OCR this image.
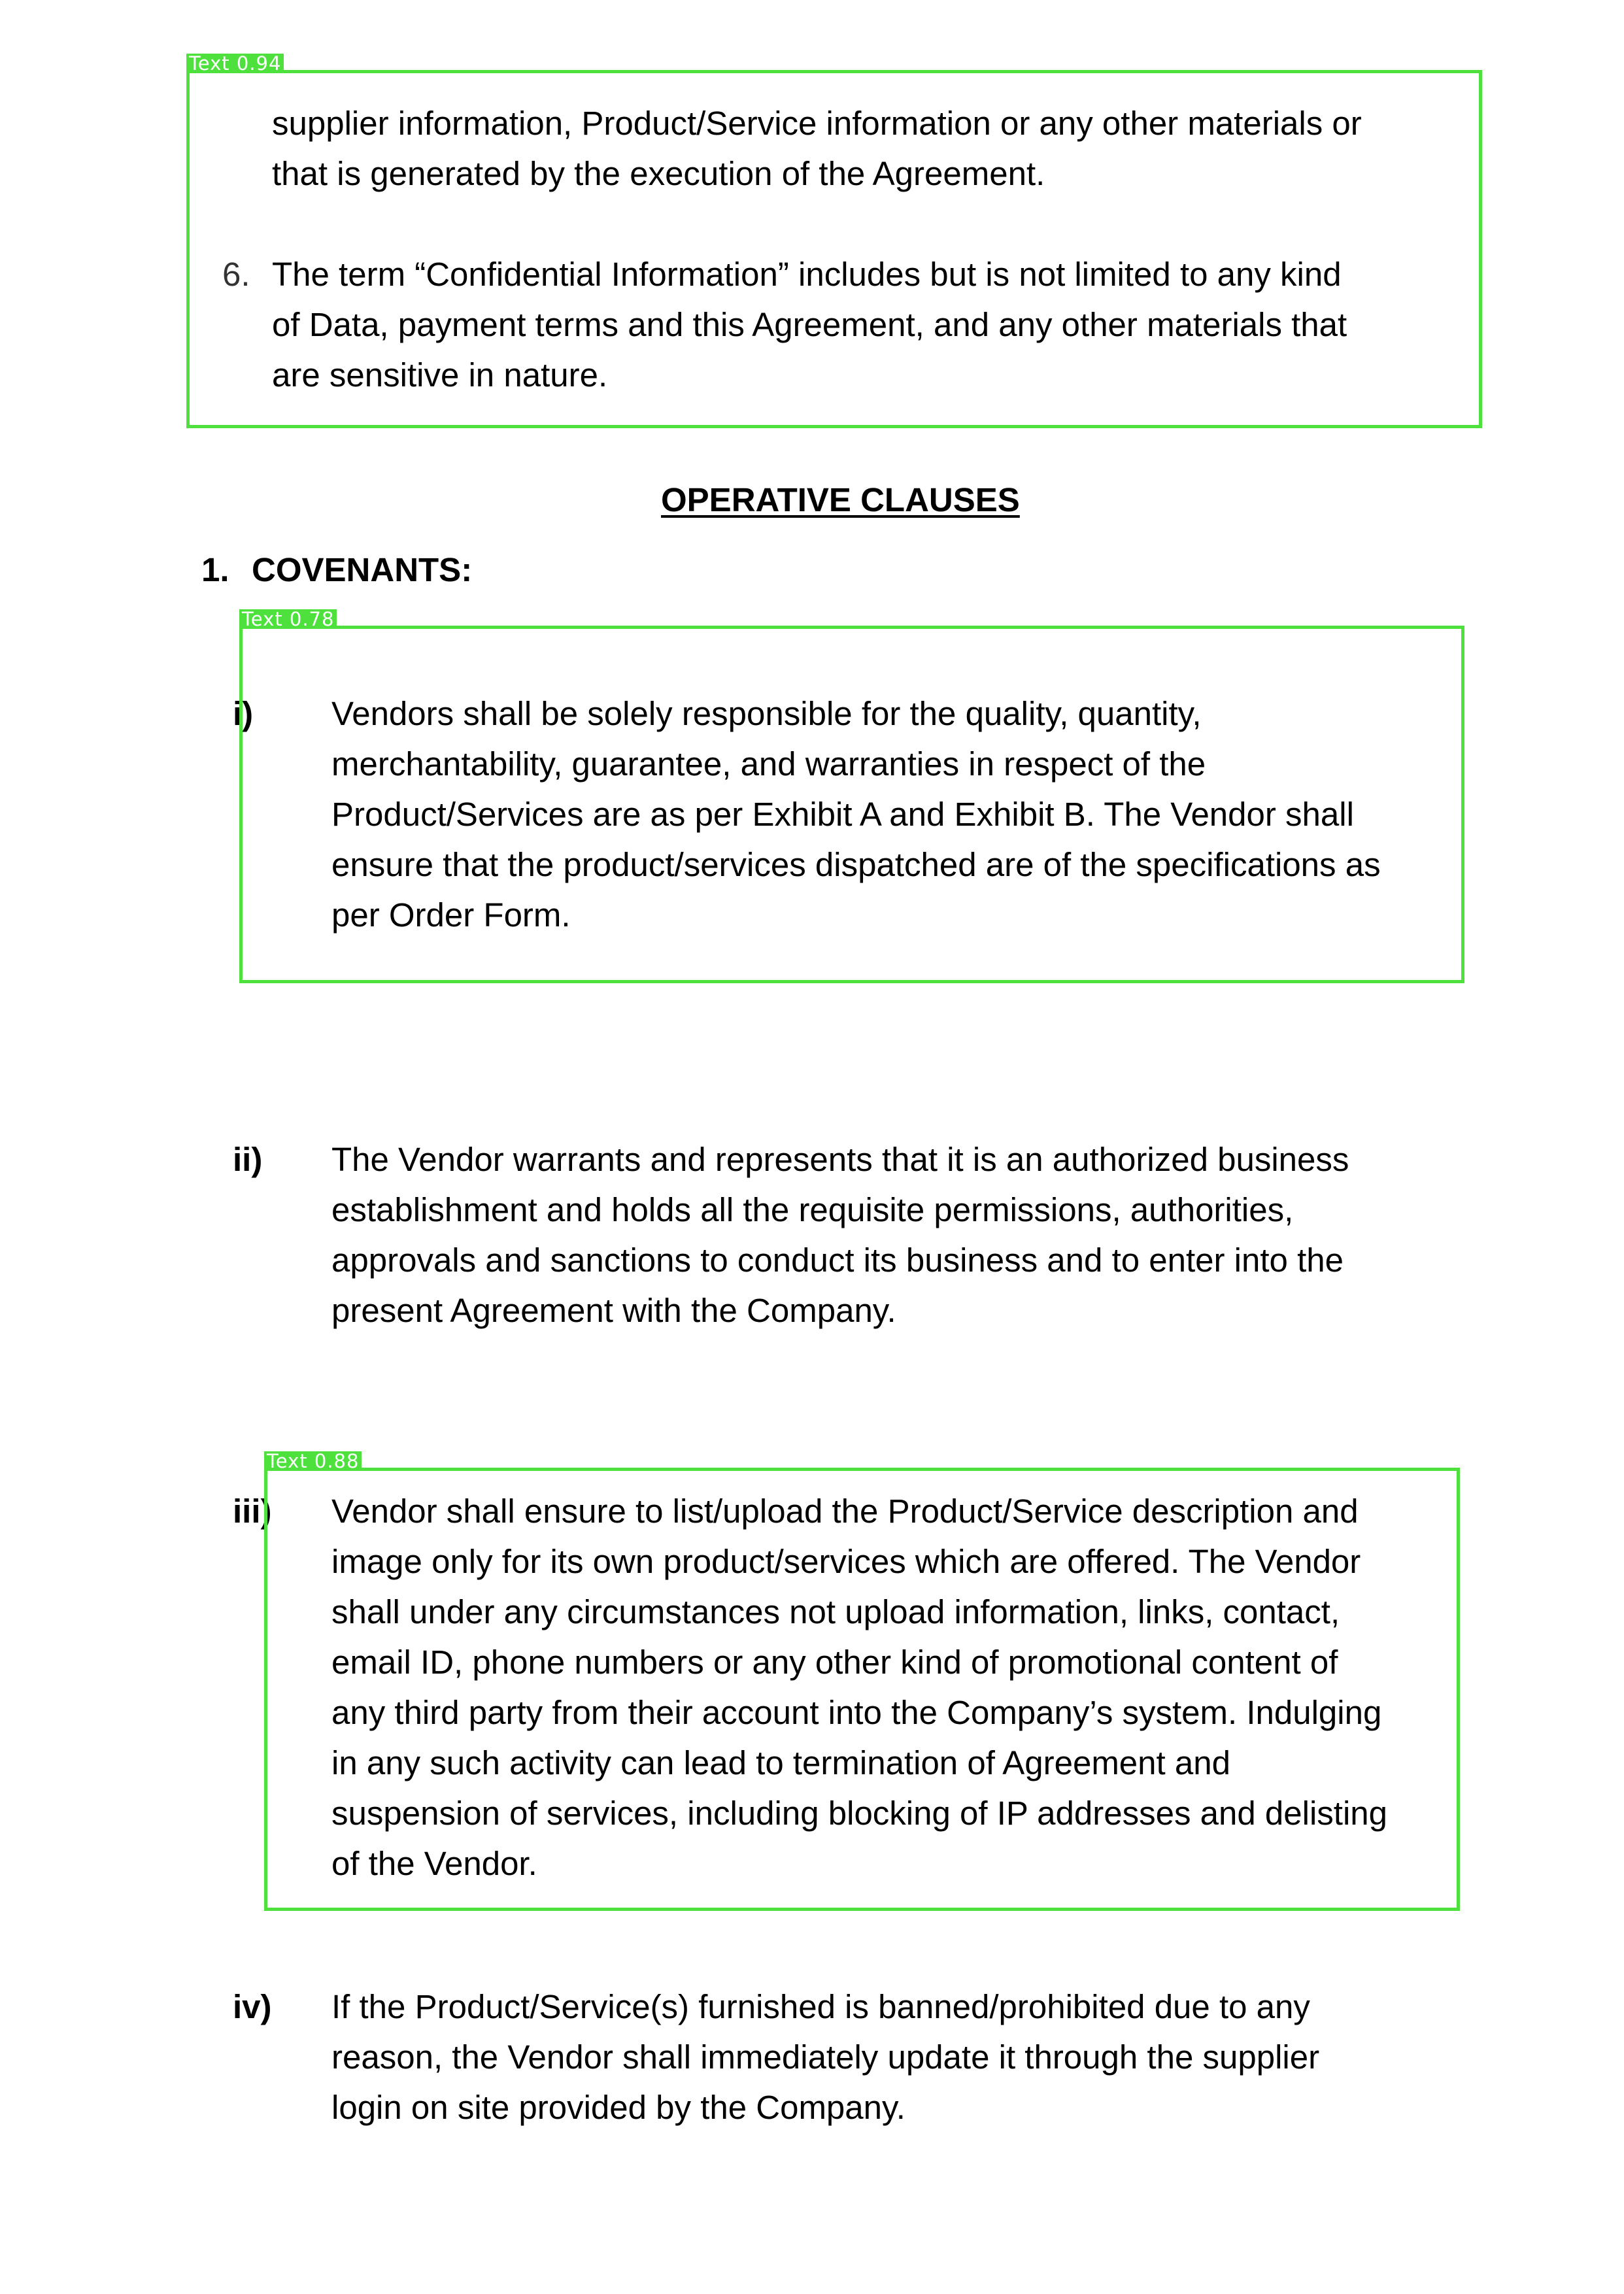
supplier information, Product/Service information or any other materials or
that is generated by the execution of the Agreement.
6. The term “Confidential Information” includes but is not limited to any kind
of Data, payment terms and this Agreement, and any other materials that
are sensitive in nature.
OPERATIVE CLAUSES
1. COVENANTS:
i) Vendors shall be solely responsible for the quality, quantity,
merchantability, guarantee, and warranties in respect of the
Product/Services are as per Exhibit A and Exhibit B. The Vendor shall
ensure that the product/services dispatched are of the specifications as
per Order Form.
ii) The Vendor warrants and represents that it is an authorized business
establishment and holds all the requisite permissions, authorities,
approvals and sanctions to conduct its business and to enter into the
present Agreement with the Company.
iii) Vendor shall ensure to list/upload the Product/Service description and
image only for its own product/services which are offered. The Vendor
shall under any circumstances not upload information, links, contact,
email ID, phone numbers or any other kind of promotional content of
any third party from their account into the Company’s system. Indulging
in any such activity can lead to termination of Agreement and
suspension of services, including blocking of IP addresses and delisting
of the Vendor.
iv) If the Product/Service(s) furnished is banned/prohibited due to any
reason, the Vendor shall immediately update it through the supplier
login on site provided by the Company.
Text 0.94
Text 0.78
Text 0.88
